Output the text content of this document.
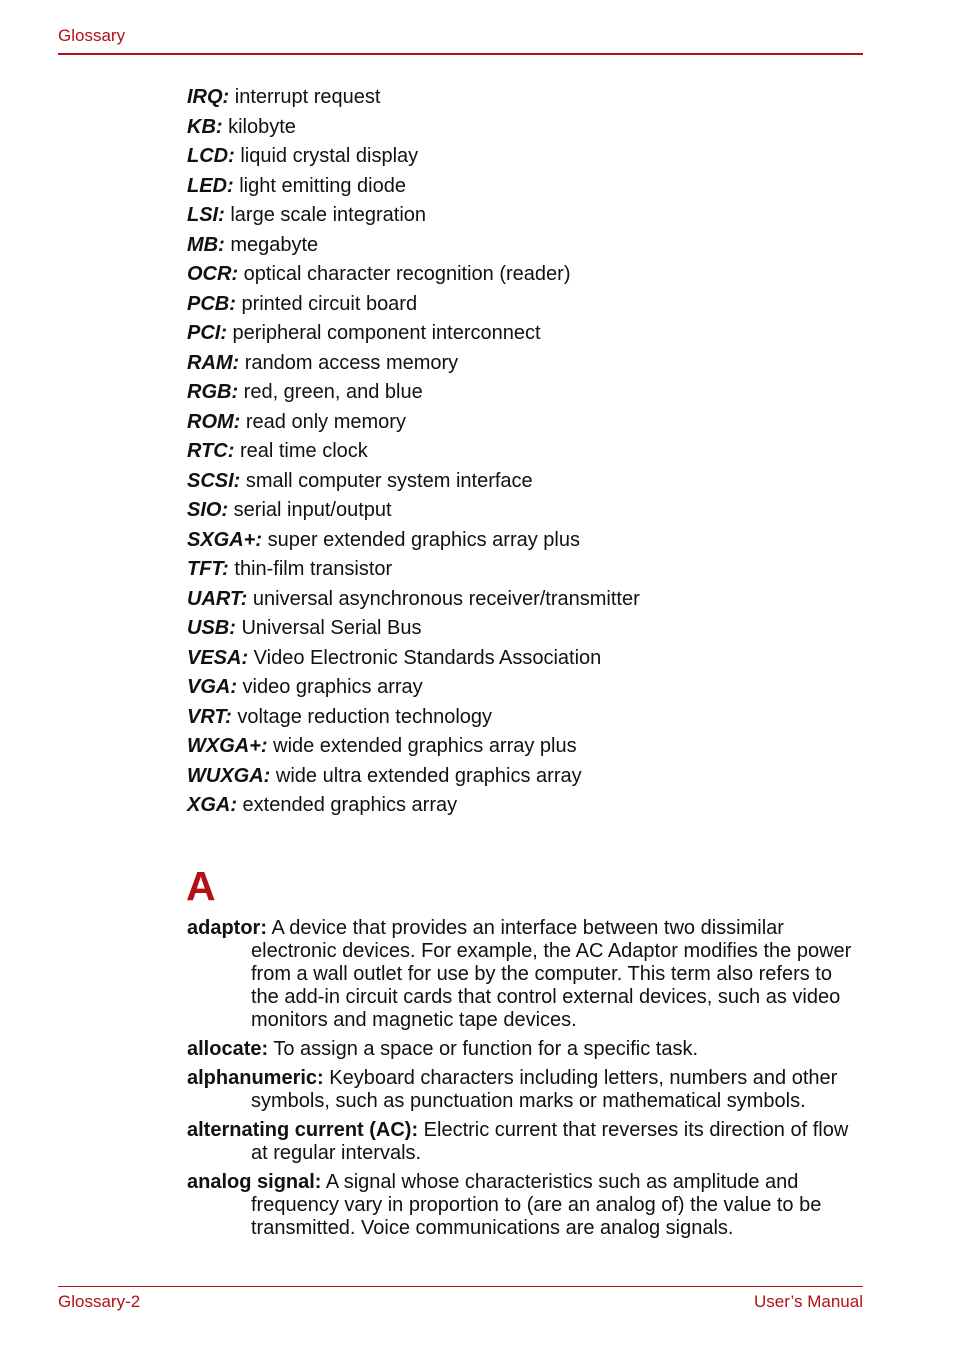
Glossary
IRQ: interrupt request
KB: kilobyte
LCD: liquid crystal display
LED: light emitting diode
LSI: large scale integration
MB: megabyte
OCR: optical character recognition (reader)
PCB: printed circuit board
PCI: peripheral component interconnect
RAM: random access memory
RGB: red, green, and blue
ROM: read only memory
RTC: real time clock
SCSI: small computer system interface
SIO: serial input/output
SXGA+: super extended graphics array plus
TFT: thin-film transistor
UART: universal asynchronous receiver/transmitter
USB: Universal Serial Bus
VESA: Video Electronic Standards Association
VGA: video graphics array
VRT: voltage reduction technology
WXGA+: wide extended graphics array plus
WUXGA: wide ultra extended graphics array
XGA: extended graphics array
A
adaptor: A device that provides an interface between two dissimilar electronic devices. For example, the AC Adaptor modifies the power from a wall outlet for use by the computer. This term also refers to the add-in circuit cards that control external devices, such as video monitors and magnetic tape devices.
allocate: To assign a space or function for a specific task.
alphanumeric: Keyboard characters including letters, numbers and other symbols, such as punctuation marks or mathematical symbols.
alternating current (AC): Electric current that reverses its direction of flow at regular intervals.
analog signal: A signal whose characteristics such as amplitude and frequency vary in proportion to (are an analog of) the value to be transmitted. Voice communications are analog signals.
Glossary-2	User’s Manual
